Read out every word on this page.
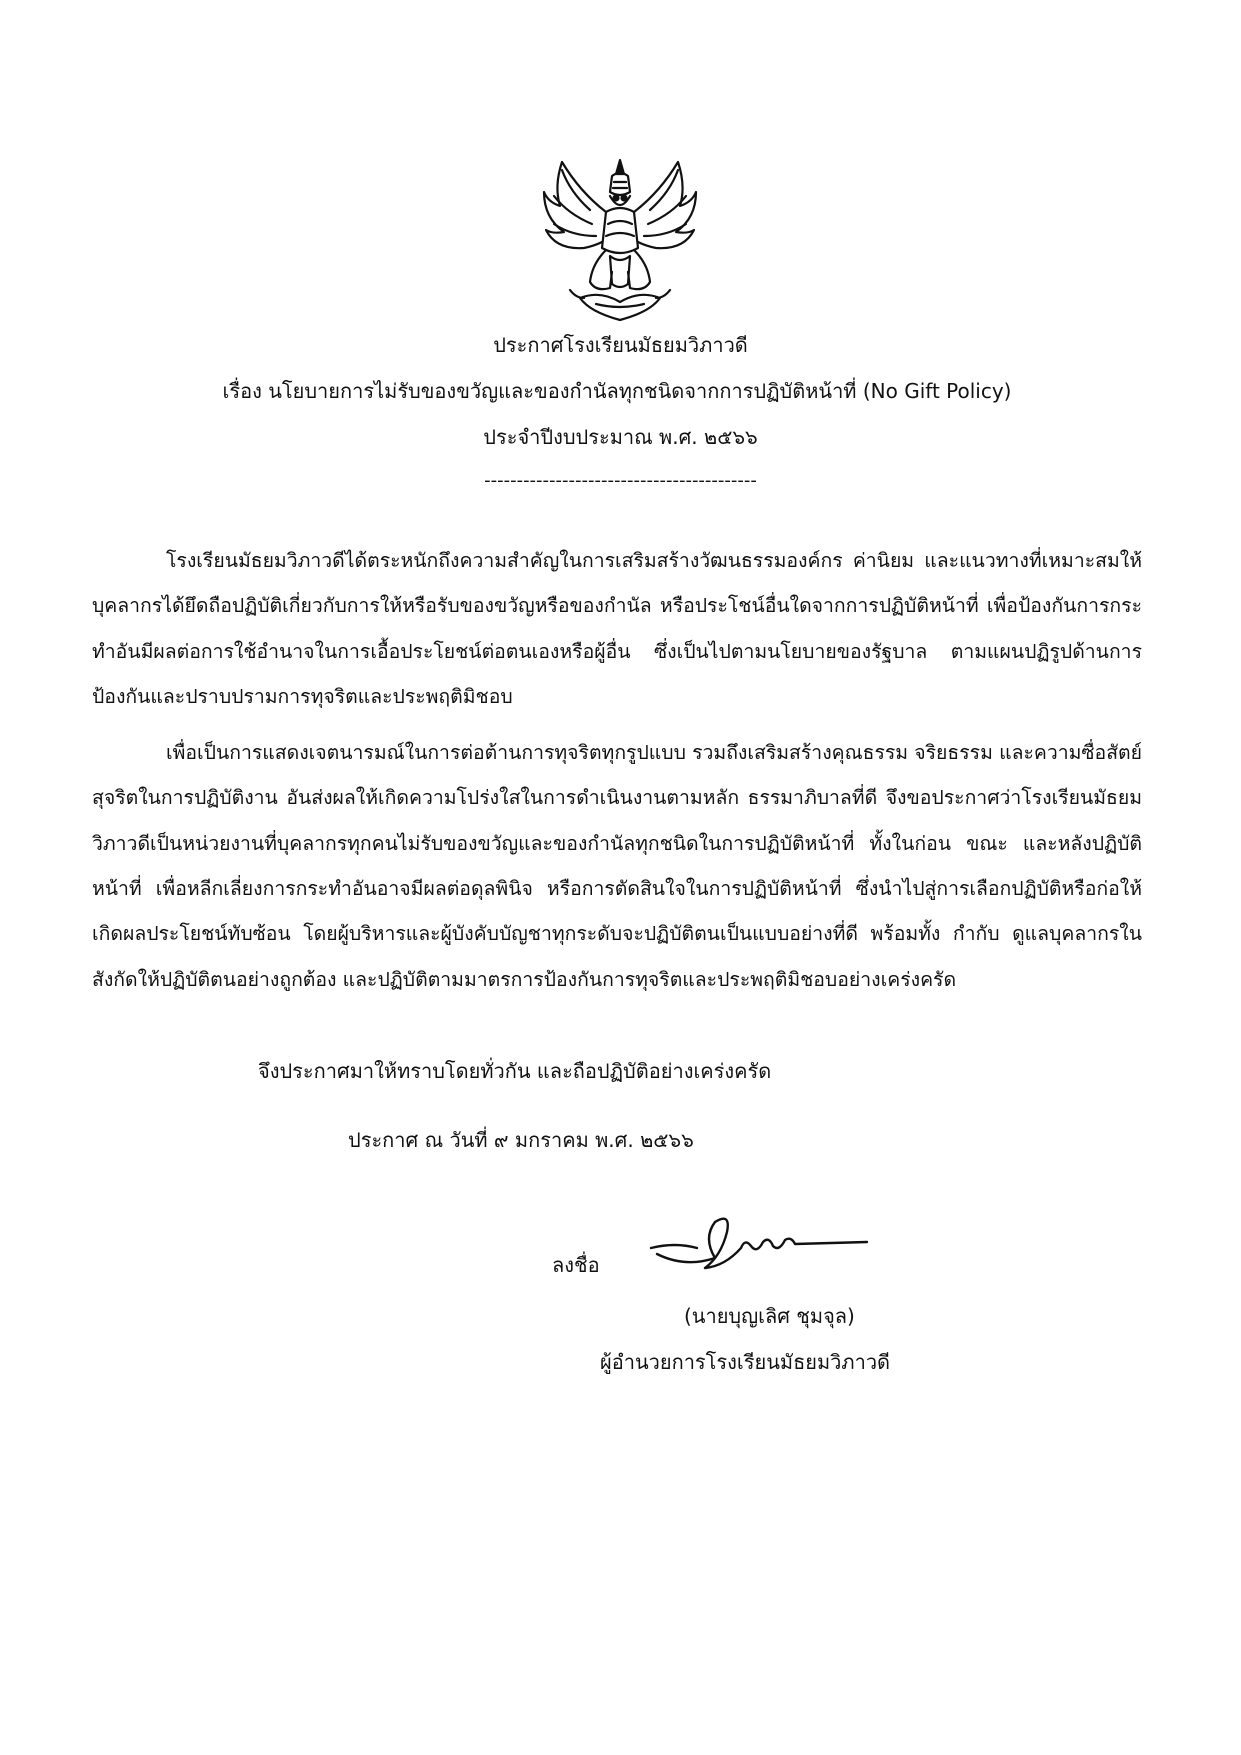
ประกาศโรงเรียนมัธยมวิภาวดี
เรื่อง นโยบายการไม่รับของขวัญและของกำนัลทุกชนิดจากการปฏิบัติหน้าที่ (No Gift Policy)
ประจำปีงบประมาณ พ.ศ. ๒๕๖๖
------------------------------------------

โรงเรียนมัธยมวิภาวดีได้ตระหนักถึงความสำคัญในการเสริมสร้างวัฒนธรรมองค์กร ค่านิยม และแนวทางที่เหมาะสมให้บุคลากรได้ยึดถือปฏิบัติเกี่ยวกับการให้หรือรับของขวัญหรือของกำนัล หรือประโชน์อื่นใดจากการปฏิบัติหน้าที่ เพื่อป้องกันการกระทำอันมีผลต่อการใช้อำนาจในการเอื้อประโยชน์ต่อตนเองหรือผู้อื่น ซึ่งเป็นไปตามนโยบายของรัฐบาล ตามแผนปฏิรูปด้านการป้องกันและปราบปรามการทุจริตและประพฤติมิชอบ

เพื่อเป็นการแสดงเจตนารมณ์ในการต่อต้านการทุจริตทุกรูปแบบ รวมถึงเสริมสร้างคุณธรรม จริยธรรม และความซื่อสัตย์สุจริตในการปฏิบัติงาน อันส่งผลให้เกิดความโปร่งใสในการดำเนินงานตามหลัก ธรรมาภิบาลที่ดี จึงขอประกาศว่าโรงเรียนมัธยมวิภาวดีเป็นหน่วยงานที่บุคลากรทุกคนไม่รับของขวัญและของกำนัลทุกชนิดในการปฏิบัติหน้าที่ ทั้งในก่อน ขณะ และหลังปฏิบัติหน้าที่ เพื่อหลีกเลี่ยงการกระทำอันอาจมีผลต่อดุลพินิจ หรือการตัดสินใจในการปฏิบัติหน้าที่ ซึ่งนำไปสู่การเลือกปฏิบัติหรือก่อให้เกิดผลประโยชน์ทับซ้อน โดยผู้บริหารและผู้บังคับบัญชาทุกระดับจะปฏิบัติตนเป็นแบบอย่างที่ดี พร้อมทั้ง กำกับ ดูแลบุคลากรในสังกัดให้ปฏิบัติตนอย่างถูกต้อง และปฏิบัติตามมาตรการป้องกันการทุจริตและประพฤติมิชอบอย่างเคร่งครัด

จึงประกาศมาให้ทราบโดยทั่วกัน และถือปฏิบัติอย่างเคร่งครัด
ประกาศ ณ วันที่ ๙ มกราคม พ.ศ. ๒๕๖๖
ลงชื่อ
(นายบุญเลิศ ชุมจุล)
ผู้อำนวยการโรงเรียนมัธยมวิภาวดี
